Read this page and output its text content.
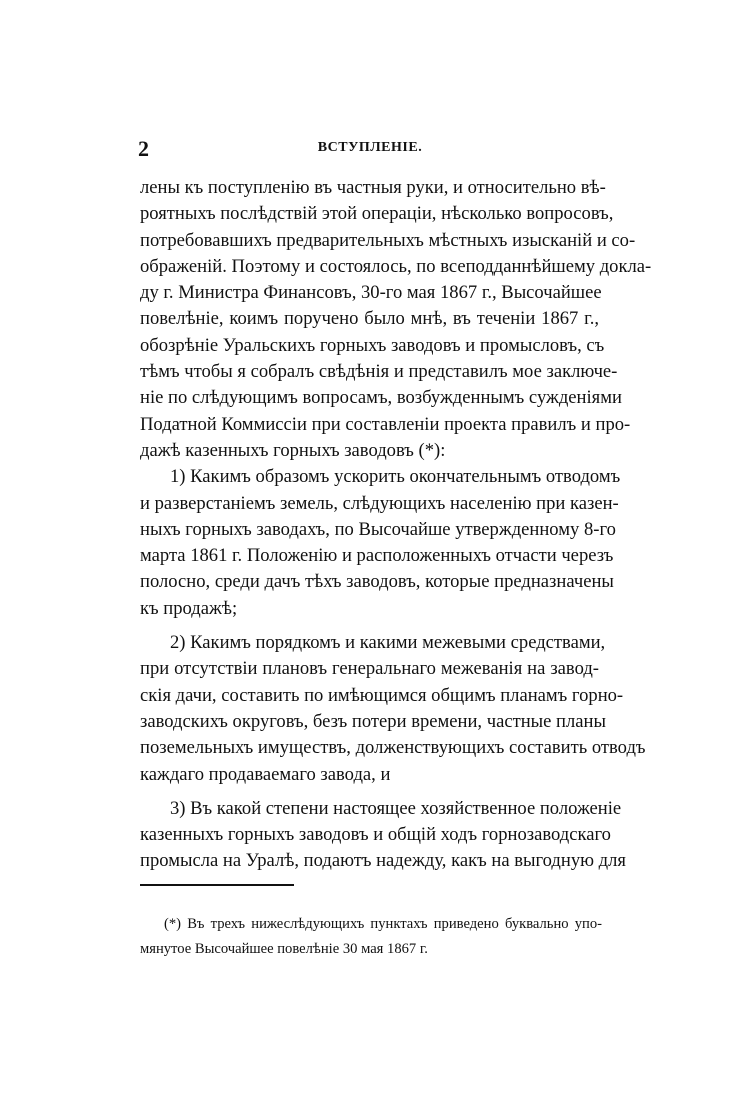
2	ВСТУПЛЕНІЕ.
лены къ поступленію въ частныя руки, и относительно вѣ-
роятныхъ послѣдствій этой операціи, нѣсколько вопросовъ,
потребовавшихъ предварительныхъ мѣстныхъ изысканій и со-
ображеній. Поэтому и состоялось, по всеподданнѣйшему докла-
ду г. Министра Финансовъ, 30-го мая 1867 г., Высочайшее
повелѣніе, коимъ поручено было мнѣ, въ теченіи 1867 г.,
обозрѣніе Уральскихъ горныхъ заводовъ и промысловъ, съ
тѣмъ чтобы я собралъ свѣдѣнія и представилъ мое заключе-
ніе по слѣдующимъ вопросамъ, возбужденнымъ сужденіями
Податной Коммиссіи при составленіи проекта правилъ и про-
дажѣ казенныхъ горныхъ заводовъ (*):
1) Какимъ образомъ ускорить окончательнымъ отводомъ
и разверстаніемъ земель, слѣдующихъ населенію при казен-
ныхъ горныхъ заводахъ, по Высочайше утвержденному 8-го
марта 1861 г. Положенію и расположенныхъ отчасти черезъ
полосно, среди дачъ тѣхъ заводовъ, которые предназначены
къ продажѣ;
2) Какимъ порядкомъ и какими межевыми средствами,
при отсутствіи плановъ генеральнаго межеванія на завод-
скія дачи, составить по имѣющимся общимъ планамъ горно-
заводскихъ округовъ, безъ потери времени, частные планы
поземельныхъ имуществъ, долженствующихъ составить отводъ
каждаго продаваемаго завода, и
3) Въ какой степени настоящее хозяйственное положеніе
казенныхъ горныхъ заводовъ и общій ходъ горнозаводскаго
промысла на Уралѣ, подаютъ надежду, какъ на выгодную для
(*) Въ трехъ нижеслѣдующихъ пунктахъ приведено буквально упо-
мянутое Высочайшее повелѣніе 30 мая 1867 г.
